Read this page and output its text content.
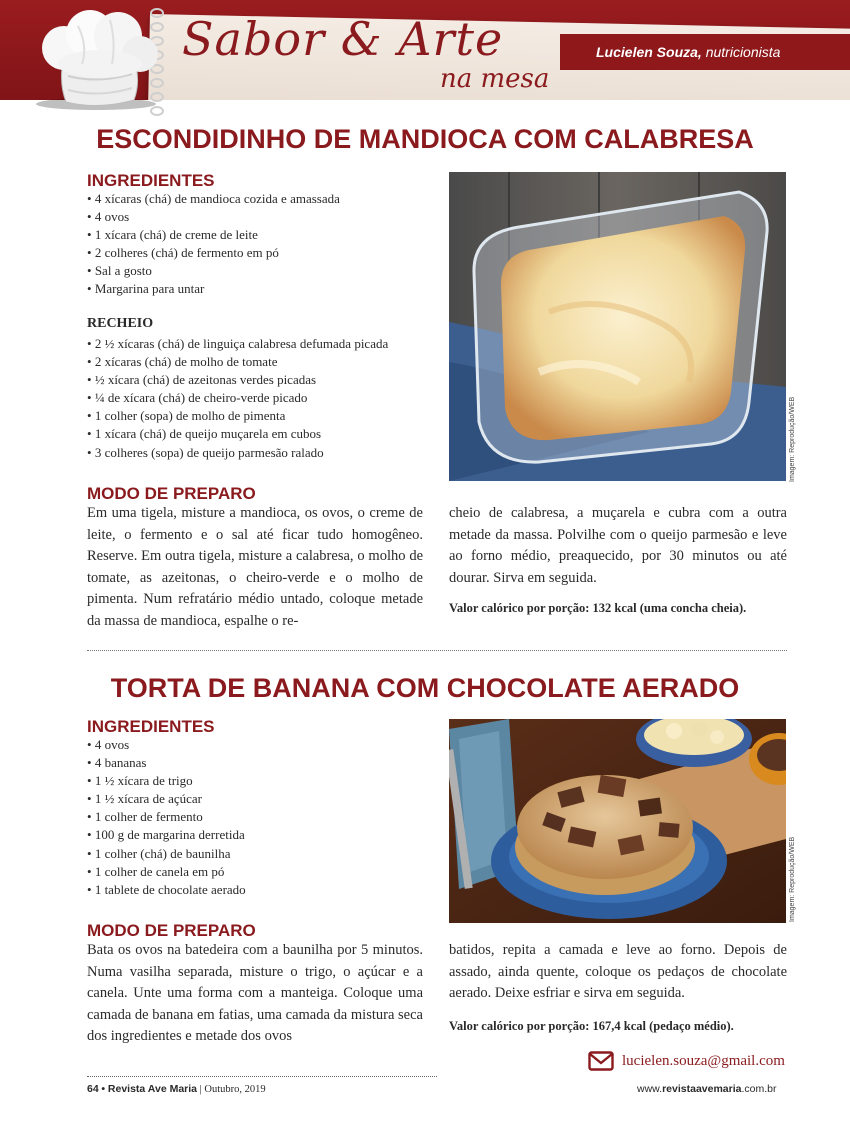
Sabor & Arte
na mesa
Lucielen Souza, nutricionista
ESCONDIDINHO DE MANDIOCA COM CALABRESA
INGREDIENTES
• 4 xícaras (chá) de mandioca cozida e amassada
• 4 ovos
• 1 xícara (chá) de creme de leite
• 2 colheres (chá) de fermento em pó
• Sal a gosto
• Margarina para untar
RECHEIO
• 2 ½ xícaras (chá) de linguiça calabresa defumada picada
• 2 xícaras (chá) de molho de tomate
• ½ xícara (chá) de azeitonas verdes picadas
• ¼ de xícara (chá) de cheiro-verde picado
• 1 colher (sopa) de molho de pimenta
• 1 xícara (chá) de queijo muçarela em cubos
• 3 colheres (sopa) de queijo parmesão ralado	Imagem: Reprodução/WEB
MODO DE PREPARO
Em uma tigela, misture a mandioca, os ovos, o creme de leite, o fermento e o sal até ficar tudo homogêneo. Reserve. Em outra tigela, misture a calabresa, o molho de tomate, as azeitonas, o cheiro-verde e o molho de pimenta. Num refratário médio untado, coloque metade da massa de mandioca, espalhe o re-
cheio de calabresa, a muçarela e cubra com a outra metade da massa. Polvilhe com o queijo parmesão e leve ao forno médio, preaquecido, por 30 minutos ou até dourar. Sirva em seguida.
Valor calórico por porção: 132 kcal (uma concha cheia).
TORTA DE BANANA COM CHOCOLATE AERADO
INGREDIENTES
• 4 ovos
• 4 bananas
• 1 ½ xícara de trigo
• 1 ½ xícara de açúcar
• 1 colher de fermento
• 100 g de margarina derretida
• 1 colher (chá) de baunilha
• 1 colher de canela em pó
• 1 tablete de chocolate aerado	Imagem: Reprodução/WEB
MODO DE PREPARO
Bata os ovos na batedeira com a baunilha por 5 minutos. Numa vasilha separada, misture o trigo, o açúcar e a canela. Unte uma forma com a manteiga. Coloque uma camada de banana em fatias, uma camada da mistura seca dos ingredientes e metade dos ovos
batidos, repita a camada e leve ao forno. Depois de assado, ainda quente, coloque os pedaços de chocolate aerado. Deixe esfriar e sirva em seguida.
Valor calórico por porção: 167,4 kcal (pedaço médio).
lucielen.souza@gmail.com
64 • Revista Ave Maria | Outubro, 2019	www.revistaavemaria.com.br
